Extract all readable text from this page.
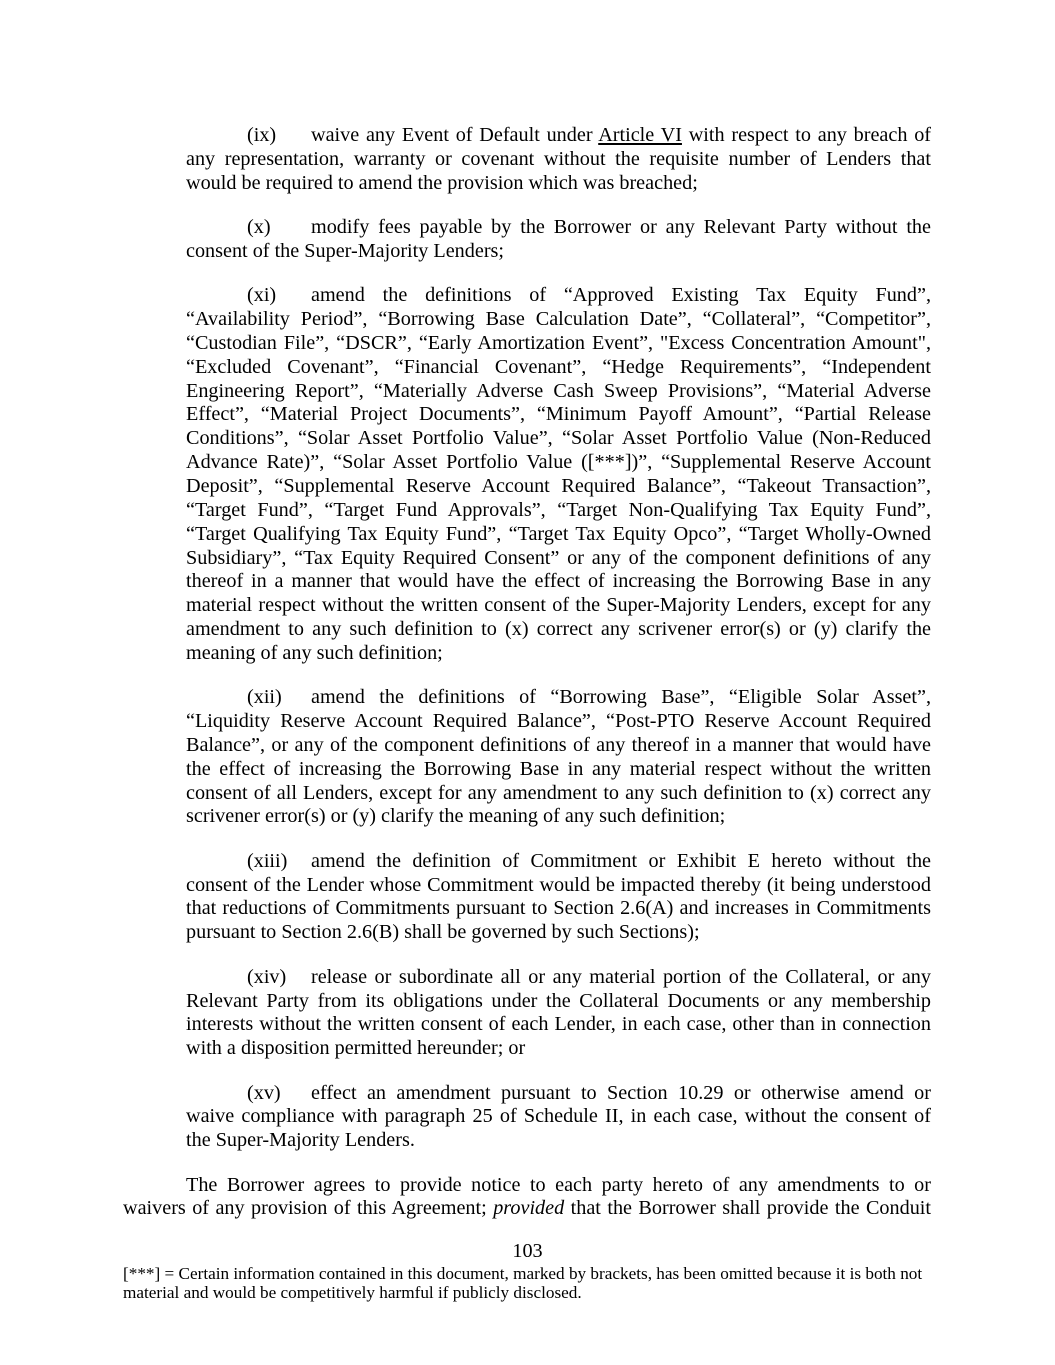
(ix)	waive any Event of Default under Article VI with respect to any breach of
any representation, warranty or covenant without the requisite number of Lenders that
would be required to amend the provision which was breached;
(x)	modify fees payable by the Borrower or any Relevant Party without the
consent of the Super-Majority Lenders;
(xi)	amend the definitions of “Approved Existing Tax Equity Fund”,
“Availability Period”, “Borrowing Base Calculation Date”, “Collateral”, “Competitor”,
“Custodian File”, “DSCR”, “Early Amortization Event”, "Excess Concentration Amount",
“Excluded Covenant”, “Financial Covenant”, “Hedge Requirements”, “Independent
Engineering Report”, “Materially Adverse Cash Sweep Provisions”, “Material Adverse
Effect”, “Material Project Documents”, “Minimum Payoff Amount”, “Partial Release
Conditions”, “Solar Asset Portfolio Value”, “Solar Asset Portfolio Value (Non-Reduced
Advance Rate)”, “Solar Asset Portfolio Value ([***])”, “Supplemental Reserve Account
Deposit”, “Supplemental Reserve Account Required Balance”, “Takeout Transaction”,
“Target Fund”, “Target Fund Approvals”, “Target Non-Qualifying Tax Equity Fund”,
“Target Qualifying Tax Equity Fund”, “Target Tax Equity Opco”, “Target Wholly-Owned
Subsidiary”, “Tax Equity Required Consent” or any of the component definitions of any
thereof in a manner that would have the effect of increasing the Borrowing Base in any
material respect without the written consent of the Super-Majority Lenders, except for any
amendment to any such definition to (x) correct any scrivener error(s) or (y) clarify the
meaning of any such definition;
(xii)	amend the definitions of “Borrowing Base”, “Eligible Solar Asset”,
“Liquidity Reserve Account Required Balance”, “Post-PTO Reserve Account Required
Balance”, or any of the component definitions of any thereof in a manner that would have
the effect of increasing the Borrowing Base in any material respect without the written
consent of all Lenders, except for any amendment to any such definition to (x) correct any
scrivener error(s) or (y) clarify the meaning of any such definition;
(xiii)	amend the definition of Commitment or Exhibit E hereto without the
consent of the Lender whose Commitment would be impacted thereby (it being understood
that reductions of Commitments pursuant to Section 2.6(A) and increases in Commitments
pursuant to Section 2.6(B) shall be governed by such Sections);
(xiv)	release or subordinate all or any material portion of the Collateral, or any
Relevant Party from its obligations under the Collateral Documents or any membership
interests without the written consent of each Lender, in each case, other than in connection
with a disposition permitted hereunder; or
(xv)	effect an amendment pursuant to Section 10.29 or otherwise amend or
waive compliance with paragraph 25 of Schedule II, in each case, without the consent of
the Super-Majority Lenders.
The Borrower agrees to provide notice to each party hereto of any amendments to or
waivers of any provision of this Agreement; provided that the Borrower shall provide the Conduit
103
[***] = Certain information contained in this document, marked by brackets, has been omitted because it is both not
material and would be competitively harmful if publicly disclosed.
